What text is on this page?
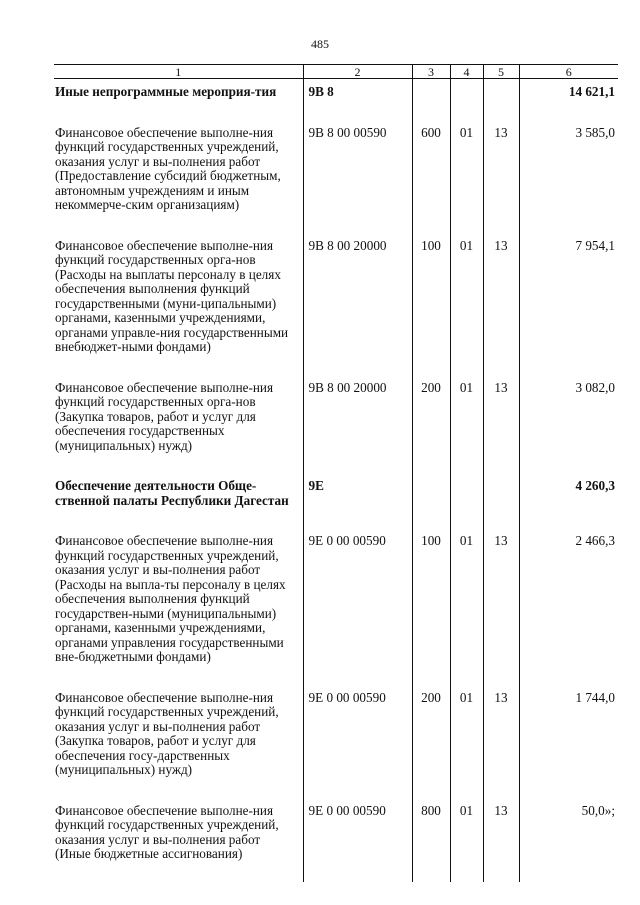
485
1	2	3	4	5	6
Иные непрограммные мероприя-тия	9В 8				14 621,1
Финансовое обеспечение выполне-ния функций государственных учреждений, оказания услуг и вы-полнения работ (Предоставление субсидий бюджетным, автономным учреждениям и иным некоммерче-ским организациям)	9В 8 00 00590	600	01	13	3 585,0
Финансовое обеспечение выполне-ния функций государственных орга-нов (Расходы на выплаты персоналу в целях обеспечения выполнения функций государственными (муни-ципальными) органами, казенными учреждениями, органами управле-ния государственными внебюджет-ными фондами)	9В 8 00 20000	100	01	13	7 954,1
Финансовое обеспечение выполне-ния функций государственных орга-нов (Закупка товаров, работ и услуг для обеспечения государственных (муниципальных) нужд)	9В 8 00 20000	200	01	13	3 082,0
Обеспечение деятельности Обще-ственной палаты Республики Дагестан	9Е				4 260,3
Финансовое обеспечение выполне-ния функций государственных учреждений, оказания услуг и вы-полнения работ (Расходы на выпла-ты персоналу в целях обеспечения выполнения функций государствен-ными (муниципальными) органами, казенными учреждениями, органами управления государственными вне-бюджетными фондами)	9Е 0 00 00590	100	01	13	2 466,3
Финансовое обеспечение выполне-ния функций государственных учреждений, оказания услуг и вы-полнения работ (Закупка товаров, работ и услуг для обеспечения госу-дарственных (муниципальных) нужд)	9Е 0 00 00590	200	01	13	1 744,0
Финансовое обеспечение выполне-ния функций государственных учреждений, оказания услуг и вы-полнения работ (Иные бюджетные ассигнования)	9Е 0 00 00590	800	01	13	50,0»;
